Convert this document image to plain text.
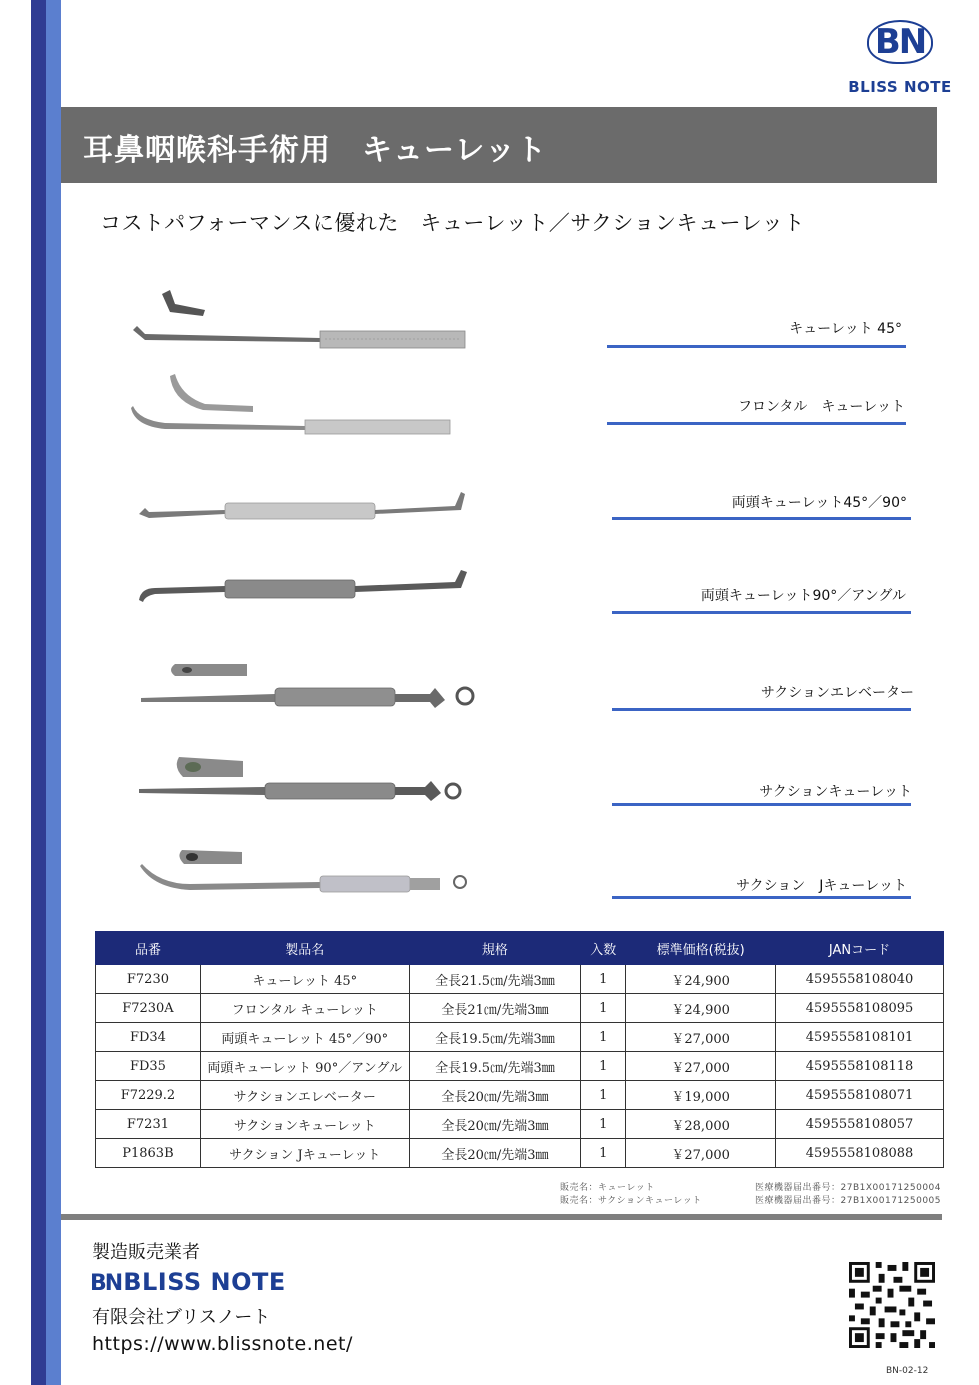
BN
BLISS NOTE
耳鼻咽喉科手術用　キューレット
コストパフォーマンスに優れた　キューレット／サクションキューレット
キューレット 45°
フロンタル　キューレット
両頭キューレット45°／90°
両頭キューレット90°／アングル
サクションエレベーター
サクションキューレット
サクション　Jキューレット
品番	製品名	規格	入数	標準価格(税抜)	JANコード
F7230	キューレット 45°	全長21.5㎝/先端3㎜	1	￥24,900	4595558108040
F7230A	フロンタル キューレット	全長21㎝/先端3㎜	1	￥24,900	4595558108095
FD34	両頭キューレット 45°／90°	全長19.5㎝/先端3㎜	1	￥27,000	4595558108101
FD35	両頭キューレット 90°／アングル	全長19.5㎝/先端3㎜	1	￥27,000	4595558108118
F7229.2	サクションエレベーター	全長20㎝/先端3㎜	1	￥19,000	4595558108071
F7231	サクションキューレット	全長20㎝/先端3㎜	1	￥28,000	4595558108057
P1863B	サクション Jキューレット	全長20㎝/先端3㎜	1	￥27,000	4595558108088
販売名：キューレット
販売名：サクションキューレット
医療機器届出番号：27B1X00171250004
医療機器届出番号：27B1X00171250005
製造販売業者
BNBLISS NOTE
有限会社ブリスノート
https://www.blissnote.net/
BN-02-12
